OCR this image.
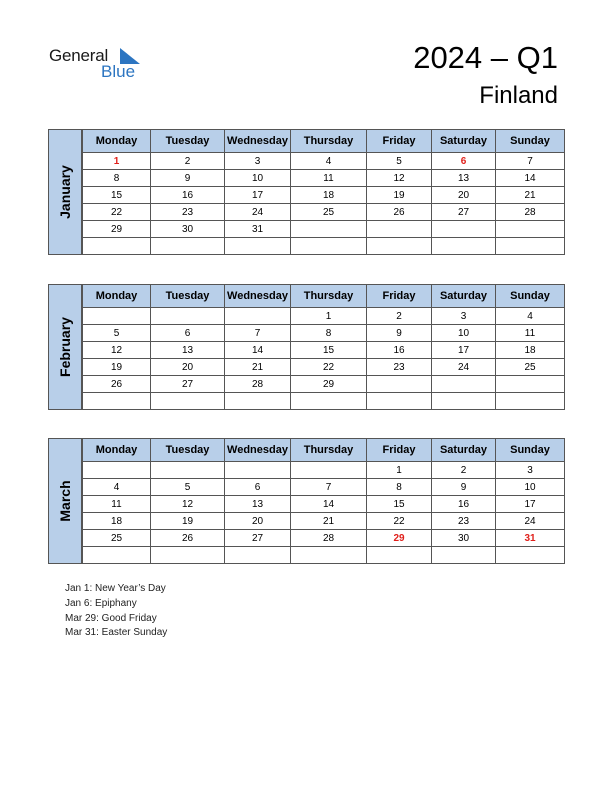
General
Blue	2024 – Q1
Finland
January
Monday	Tuesday	Wednesday	Thursday	Friday	Saturday	Sunday
1	2	3	4	5	6	7
8	9	10	11	12	13	14
15	16	17	18	19	20	21
22	23	24	25	26	27	28
29	30	31				

February
Monday	Tuesday	Wednesday	Thursday	Friday	Saturday	Sunday
			1	2	3	4
5	6	7	8	9	10	11
12	13	14	15	16	17	18
19	20	21	22	23	24	25
26	27	28	29			

March
Monday	Tuesday	Wednesday	Thursday	Friday	Saturday	Sunday
				1	2	3
4	5	6	7	8	9	10
11	12	13	14	15	16	17
18	19	20	21	22	23	24
25	26	27	28	29	30	31

Jan 1: New Year’s Day
Jan 6: Epiphany
Mar 29: Good Friday
Mar 31: Easter Sunday
